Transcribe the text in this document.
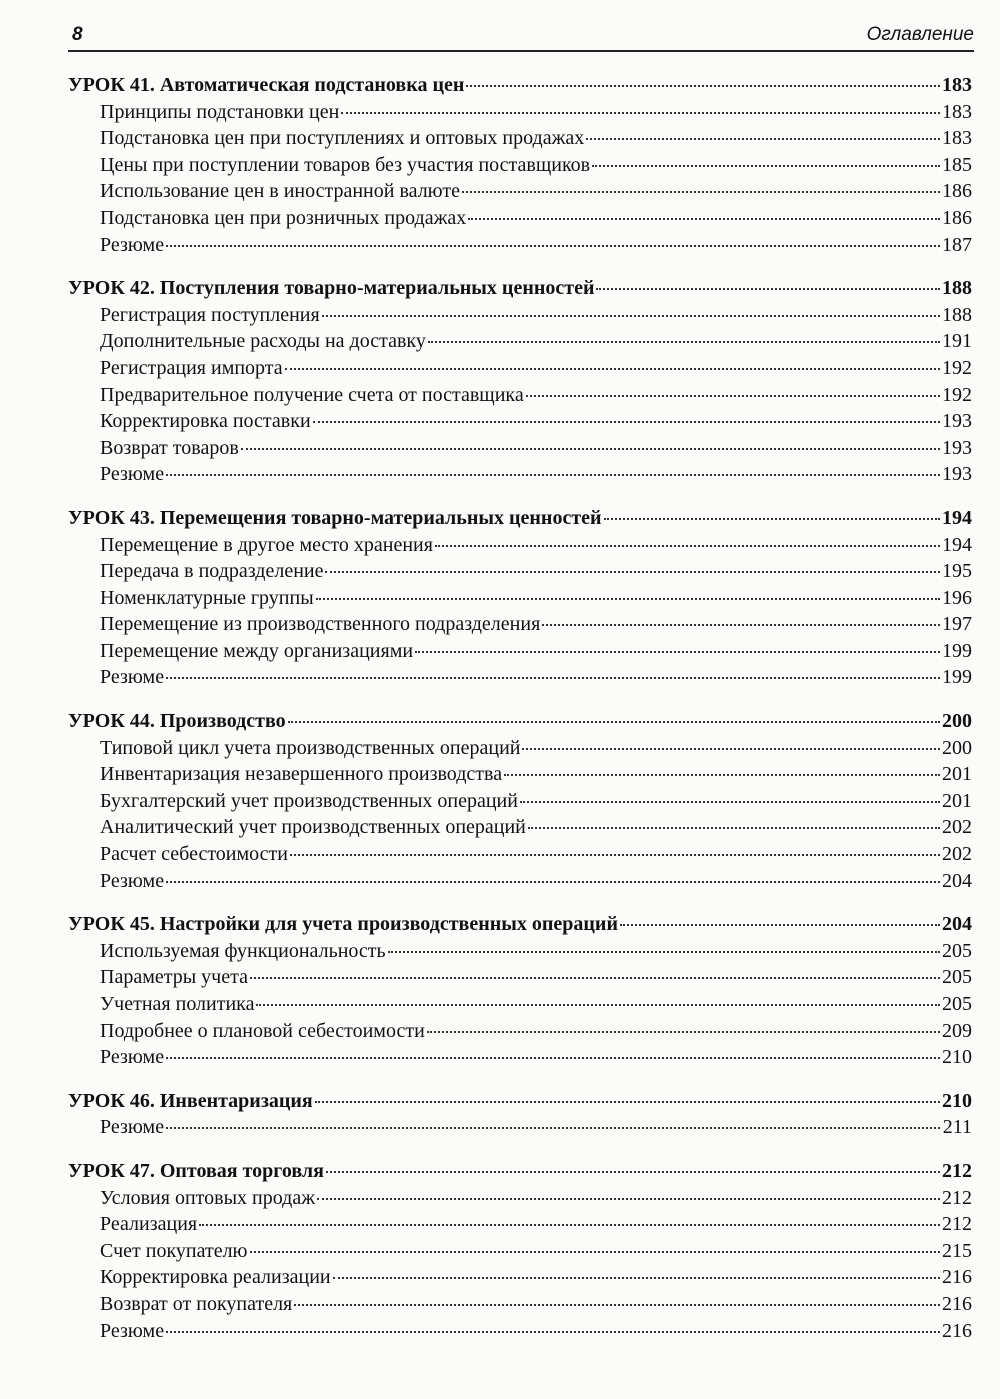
8	Оглавление
УРОК 41. Автоматическая подстановка цен	183
Принципы подстановки цен	183
Подстановка цен при поступлениях и оптовых продажах	183
Цены при поступлении товаров без участия поставщиков	185
Использование цен в иностранной валюте	186
Подстановка цен при розничных продажах	186
Резюме	187
УРОК 42. Поступления товарно-материальных ценностей	188
Регистрация поступления	188
Дополнительные расходы на доставку	191
Регистрация импорта	192
Предварительное получение счета от поставщика	192
Корректировка поставки	193
Возврат товаров	193
Резюме	193
УРОК 43. Перемещения товарно-материальных ценностей	194
Перемещение в другое место хранения	194
Передача в подразделение	195
Номенклатурные группы	196
Перемещение из производственного подразделения	197
Перемещение между организациями	199
Резюме	199
УРОК 44. Производство	200
Типовой цикл учета производственных операций	200
Инвентаризация незавершенного производства	201
Бухгалтерский учет производственных операций	201
Аналитический учет производственных операций	202
Расчет себестоимости	202
Резюме	204
УРОК 45. Настройки для учета производственных операций	204
Используемая функциональность	205
Параметры учета	205
Учетная политика	205
Подробнее о плановой себестоимости	209
Резюме	210
УРОК 46. Инвентаризация	210
Резюме	211
УРОК 47. Оптовая торговля	212
Условия оптовых продаж	212
Реализация	212
Счет покупателю	215
Корректировка реализации	216
Возврат от покупателя	216
Резюме	216
